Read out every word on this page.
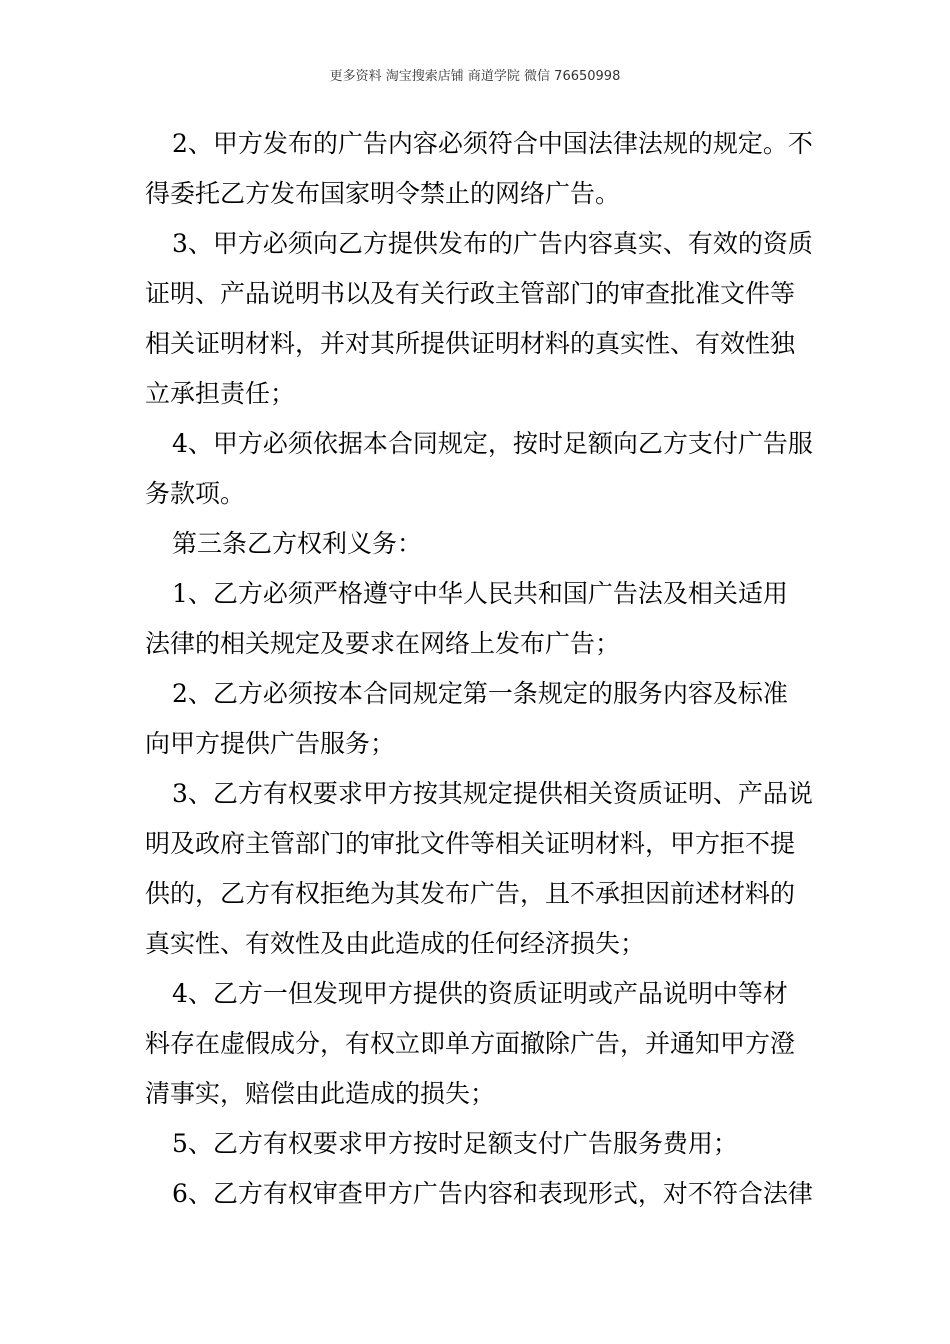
更多资料 淘宝搜索店铺 商道学院 微信 76650998
2、甲方发布的广告内容必须符合中国法律法规的规定。不
得委托乙方发布国家明令禁止的网络广告。
3、甲方必须向乙方提供发布的广告内容真实、有效的资质
证明、产品说明书以及有关行政主管部门的审查批准文件等
相关证明材料，并对其所提供证明材料的真实性、有效性独
立承担责任；
4、甲方必须依据本合同规定，按时足额向乙方支付广告服
务款项。
第三条乙方权利义务：
1、乙方必须严格遵守中华人民共和国广告法及相关适用
法律的相关规定及要求在网络上发布广告；
2、乙方必须按本合同规定第一条规定的服务内容及标准
向甲方提供广告服务；
3、乙方有权要求甲方按其规定提供相关资质证明、产品说
明及政府主管部门的审批文件等相关证明材料，甲方拒不提
供的，乙方有权拒绝为其发布广告，且不承担因前述材料的
真实性、有效性及由此造成的任何经济损失；
4、乙方一但发现甲方提供的资质证明或产品说明中等材
料存在虚假成分，有权立即单方面撤除广告，并通知甲方澄
清事实，赔偿由此造成的损失；
5、乙方有权要求甲方按时足额支付广告服务费用；
6、乙方有权审查甲方广告内容和表现形式，对不符合法律
